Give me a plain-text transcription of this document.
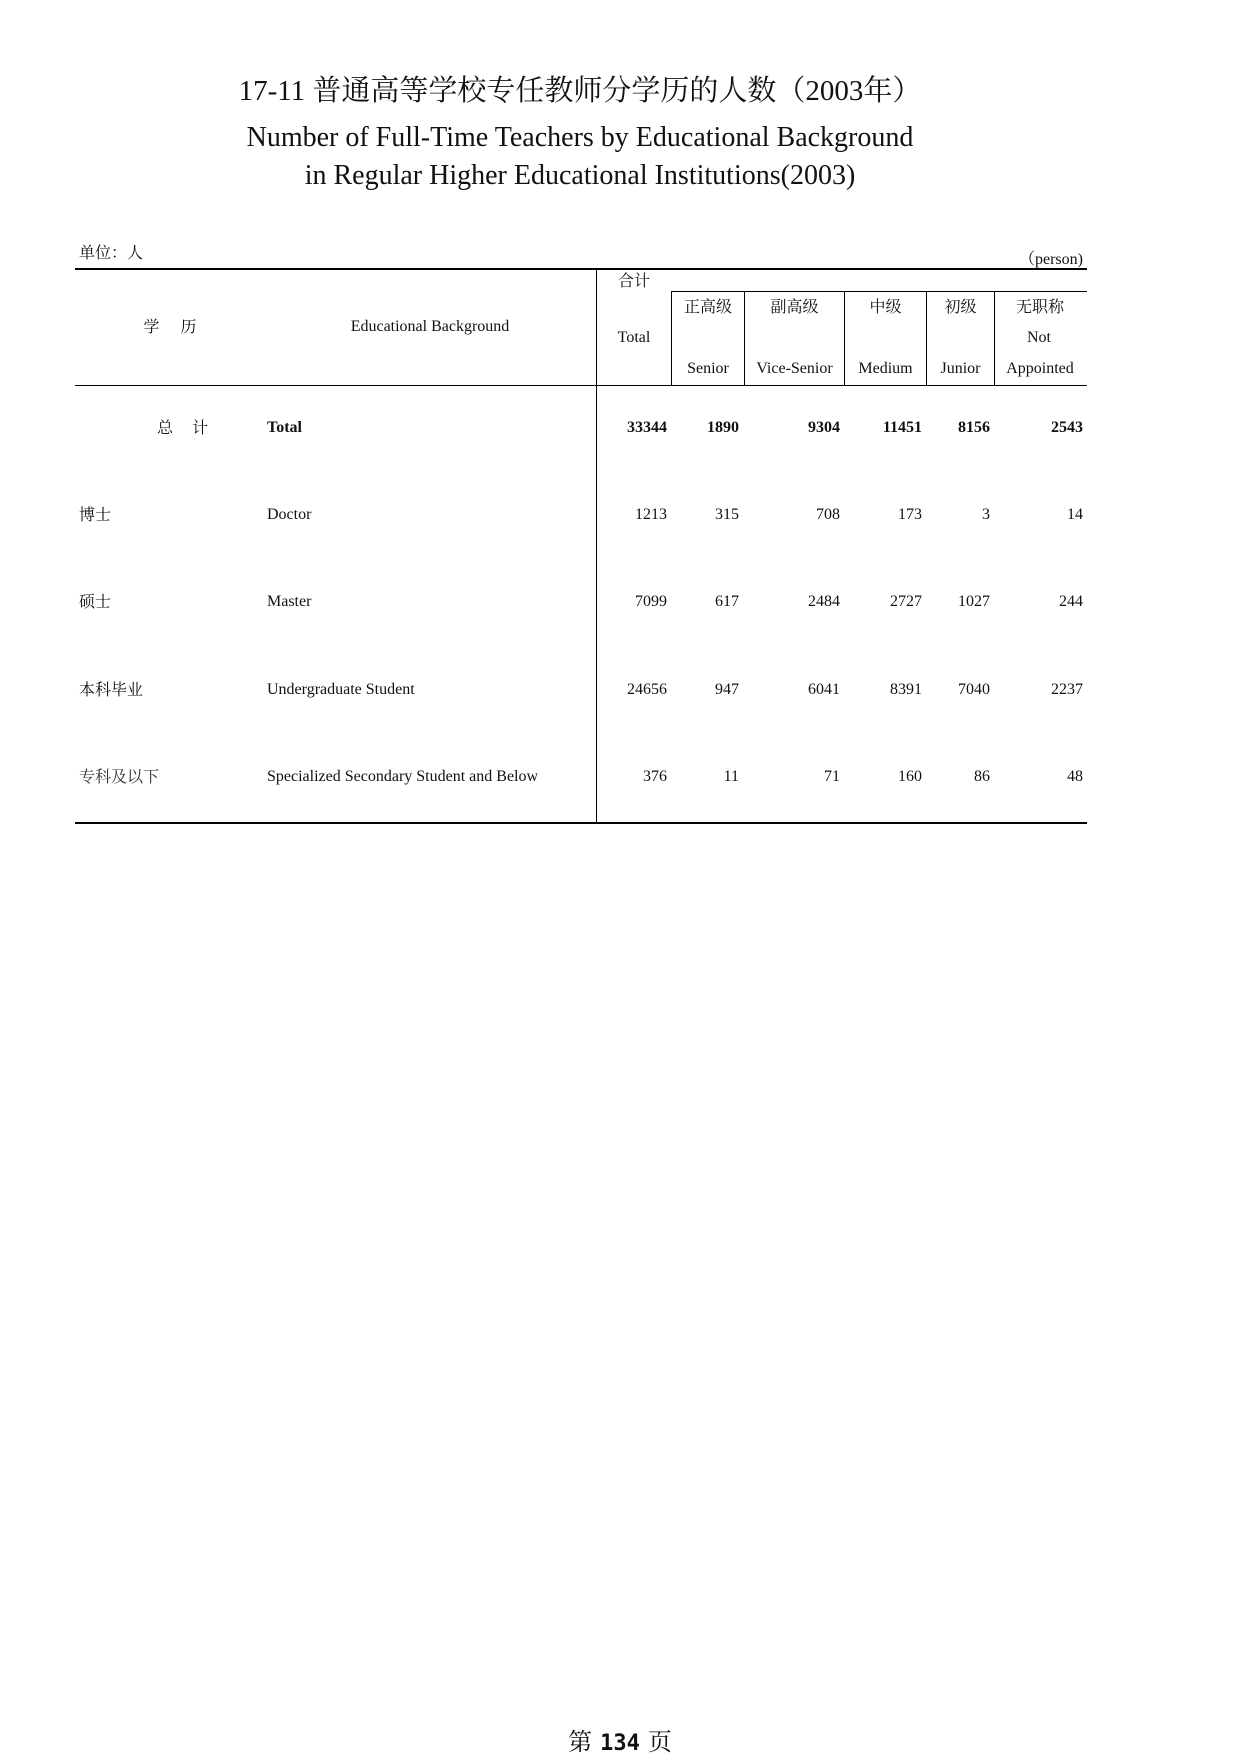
17-11 普通高等学校专任教师分学历的人数（2003年）
Number of Full-Time Teachers by Educational Background
in Regular Higher Educational Institutions(2003)
单位：人	（person)
学 历	Educational Background
合计
Total
正高级
Senior
副高级
Vice-Senior
中级
Medium
初级
Junior
无职称
Not
Appointed
总 计	Total	33344	1890	9304	11451	8156	2543
博士	Doctor	1213	315	708	173	3	14
硕士	Master	7099	617	2484	2727	1027	244
本科毕业	Undergraduate Student	24656	947	6041	8391	7040	2237
专科及以下	Specialized Secondary Student and Below	376	11	71	160	86	48
第 134 页
